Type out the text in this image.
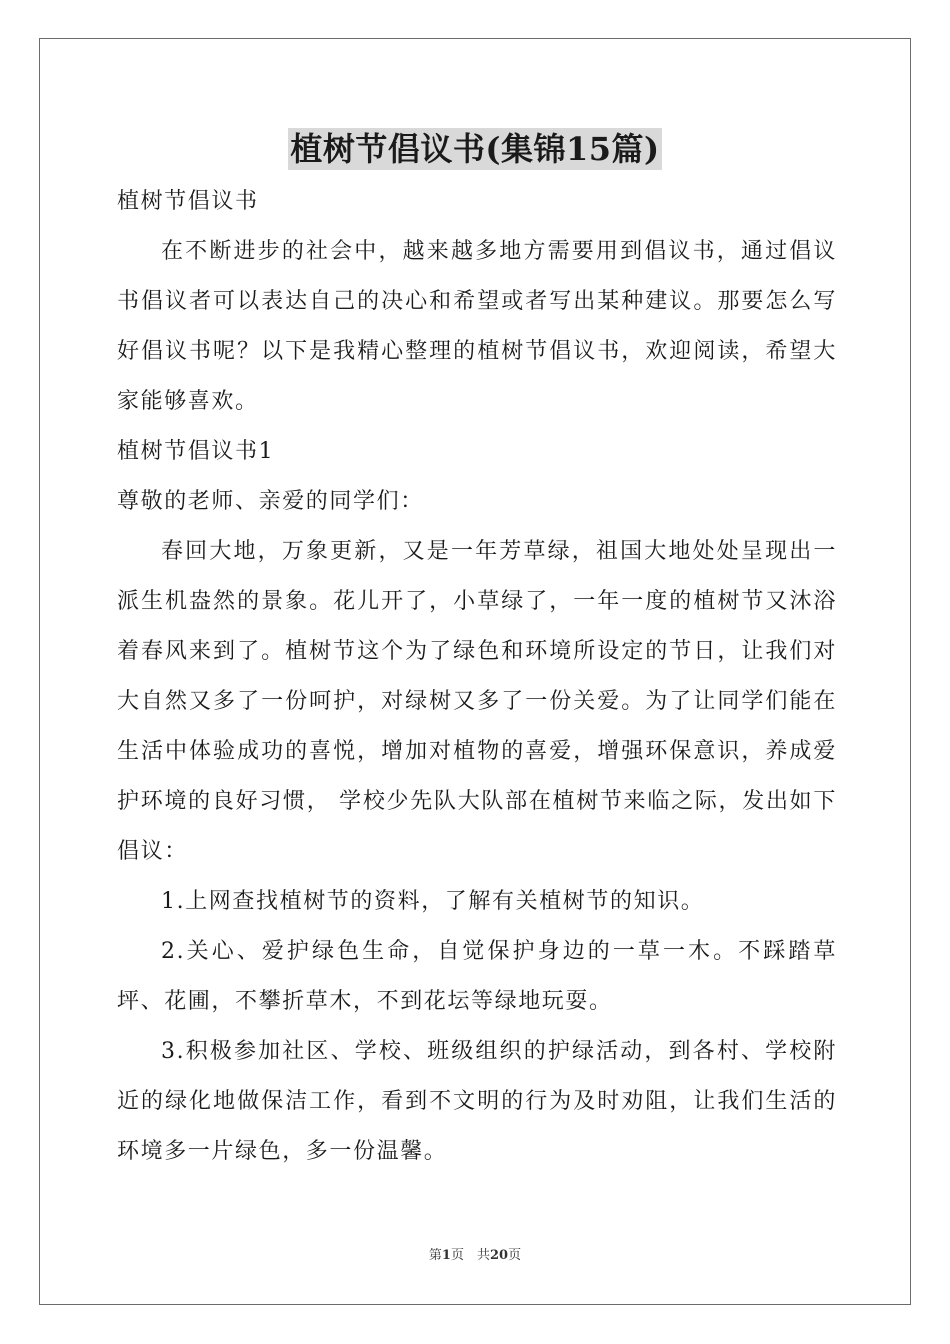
植树节倡议书(集锦15篇)

植树节倡议书

在不断进步的社会中，越来越多地方需要用到倡议书，通过倡议书倡议者可以表达自己的决心和希望或者写出某种建议。那要怎么写好倡议书呢？以下是我精心整理的植树节倡议书，欢迎阅读，希望大家能够喜欢。

植树节倡议书1

尊敬的老师、亲爱的同学们：

春回大地，万象更新，又是一年芳草绿，祖国大地处处呈现出一派生机盎然的景象。花儿开了，小草绿了，一年一度的植树节又沐浴着春风来到了。植树节这个为了绿色和环境所设定的节日，让我们对大自然又多了一份呵护，对绿树又多了一份关爱。为了让同学们能在生活中体验成功的喜悦，增加对植物的喜爱，增强环保意识，养成爱护环境的良好习惯， 学校少先队大队部在植树节来临之际，发出如下倡议：

1.上网查找植树节的资料，了解有关植树节的知识。

2.关心、爱护绿色生命，自觉保护身边的一草一木。不踩踏草坪、花圃，不攀折草木，不到花坛等绿地玩耍。

3.积极参加社区、学校、班级组织的护绿活动，到各村、学校附近的绿化地做保洁工作，看到不文明的行为及时劝阻，让我们生活的环境多一片绿色，多一份温馨。

第1页　共20页
